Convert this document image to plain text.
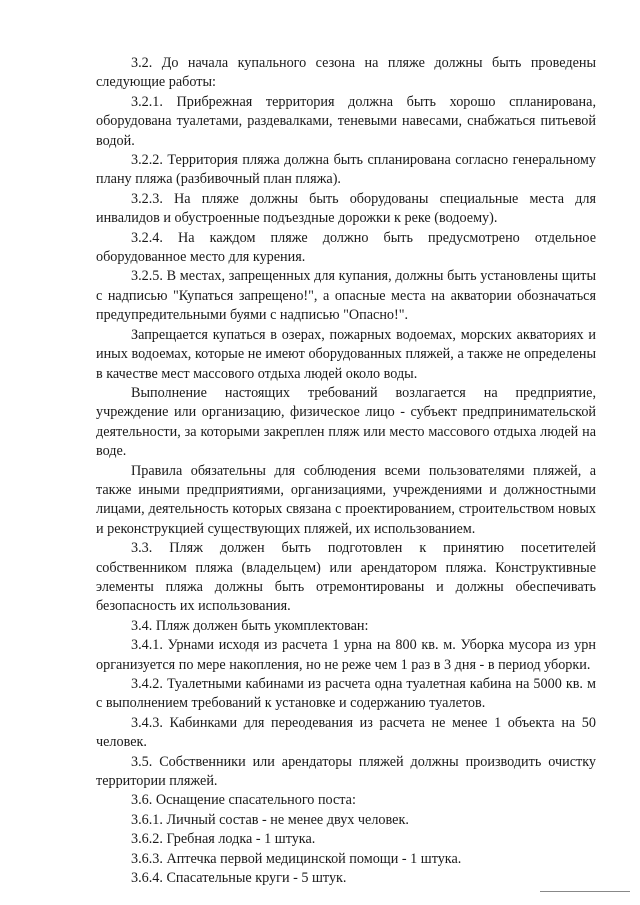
3.2. До начала купального сезона на пляже должны быть проведены следующие работы:

3.2.1. Прибрежная территория должна быть хорошо спланирована, оборудована туалетами, раздевалками, теневыми навесами, снабжаться питьевой водой.

3.2.2. Территория пляжа должна быть спланирована согласно генеральному плану пляжа (разбивочный план пляжа).

3.2.3. На пляже должны быть оборудованы специальные места для инвалидов и обустроенные подъездные дорожки к реке (водоему).

3.2.4. На каждом пляже должно быть предусмотрено отдельное оборудованное место для курения.

3.2.5. В местах, запрещенных для купания, должны быть установлены щиты с надписью "Купаться запрещено!", а опасные места на акватории обозначаться предупредительными буями с надписью "Опасно!".

Запрещается купаться в озерах, пожарных водоемах, морских акваториях и иных водоемах, которые не имеют оборудованных пляжей, а также не определены в качестве мест массового отдыха людей около воды.

Выполнение настоящих требований возлагается на предприятие, учреждение или организацию, физическое лицо - субъект предпринимательской деятельности, за которыми закреплен пляж или место массового отдыха людей на воде.

Правила обязательны для соблюдения всеми пользователями пляжей, а также иными предприятиями, организациями, учреждениями и должностными лицами, деятельность которых связана с проектированием, строительством новых и реконструкцией существующих пляжей, их использованием.

3.3. Пляж должен быть подготовлен к принятию посетителей собственником пляжа (владельцем) или арендатором пляжа. Конструктивные элементы пляжа должны быть отремонтированы и должны обеспечивать безопасность их использования.

3.4. Пляж должен быть укомплектован:

3.4.1. Урнами исходя из расчета 1 урна на 800 кв. м. Уборка мусора из урн организуется по мере накопления, но не реже чем 1 раз в 3 дня - в период уборки.

3.4.2. Туалетными кабинами из расчета одна туалетная кабина на 5000 кв. м с выполнением требований к установке и содержанию туалетов.

3.4.3. Кабинками для переодевания из расчета не менее 1 объекта на 50 человек.

3.5. Собственники или арендаторы пляжей должны производить очистку территории пляжей.

3.6. Оснащение спасательного поста:

3.6.1. Личный состав - не менее двух человек.

3.6.2. Гребная лодка - 1 штука.

3.6.3. Аптечка первой медицинской помощи - 1 штука.

3.6.4. Спасательные круги - 5 штук.
